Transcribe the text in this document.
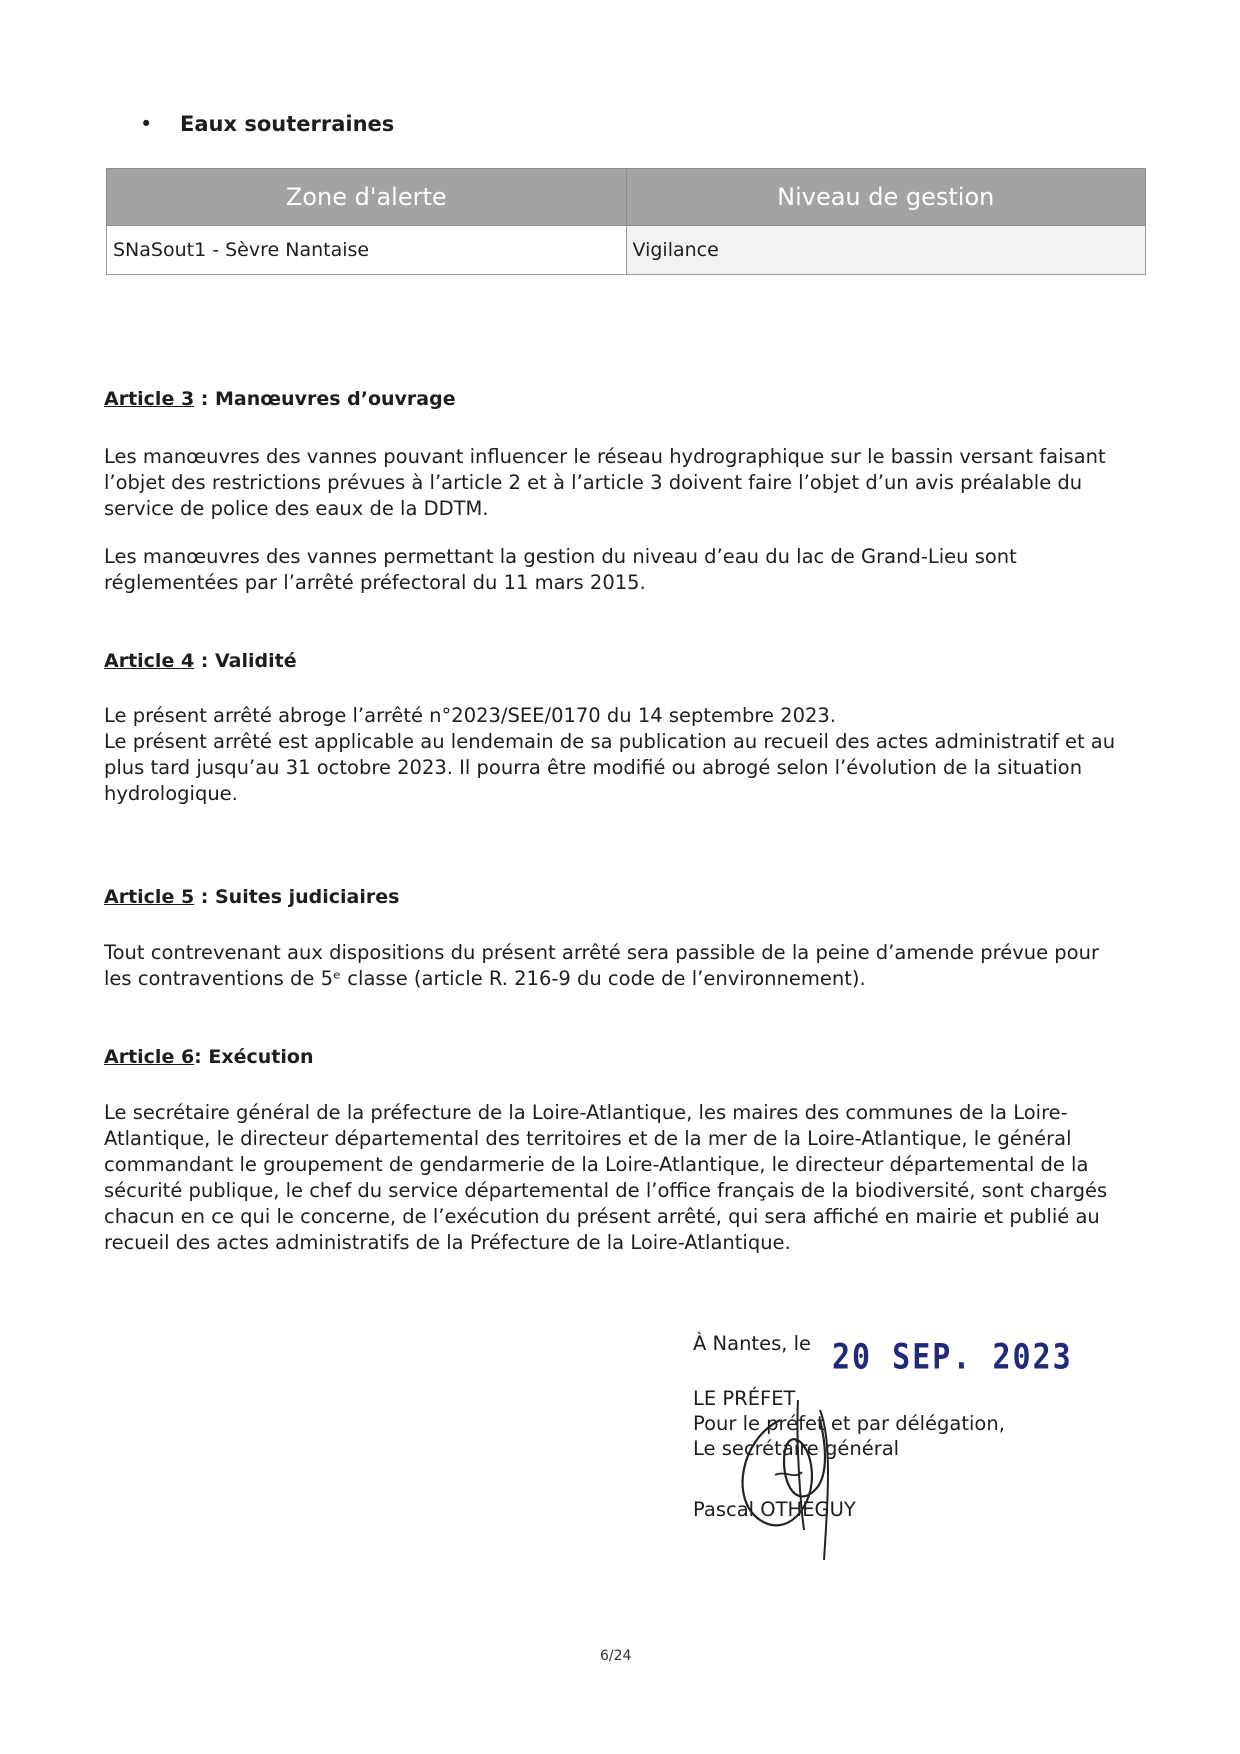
• Eaux souterraines
Zone d'alerte	Niveau de gestion
SNaSout1 - Sèvre Nantaise	Vigilance
Article 3 : Manœuvres d’ouvrage

Les manœuvres des vannes pouvant influencer le réseau hydrographique sur le bassin versant faisant
l’objet des restrictions prévues à l’article 2 et à l’article 3 doivent faire l’objet d’un avis préalable du
service de police des eaux de la DDTM.

Les manœuvres des vannes permettant la gestion du niveau d’eau du lac de Grand-Lieu sont
réglementées par l’arrêté préfectoral du 11 mars 2015.

Article 4 : Validité

Le présent arrêté abroge l’arrêté n°2023/SEE/0170 du 14 septembre 2023.
Le présent arrêté est applicable au lendemain de sa publication au recueil des actes administratif et au
plus tard jusqu’au 31 octobre 2023. Il pourra être modifié ou abrogé selon l’évolution de la situation
hydrologique.

Article 5 : Suites judiciaires

Tout contrevenant aux dispositions du présent arrêté sera passible de la peine d’amende prévue pour
les contraventions de 5ᵉ classe (article R. 216-9 du code de l’environnement).

Article 6: Exécution

Le secrétaire général de la préfecture de la Loire-Atlantique, les maires des communes de la Loire-
Atlantique, le directeur départemental des territoires et de la mer de la Loire-Atlantique, le général
commandant le groupement de gendarmerie de la Loire-Atlantique, le directeur départemental de la
sécurité publique, le chef du service départemental de l’office français de la biodiversité, sont chargés
chacun en ce qui le concerne, de l’exécution du présent arrêté, qui sera affiché en mairie et publié au
recueil des actes administratifs de la Préfecture de la Loire-Atlantique.

À Nantes, le 20 SEP. 2023
LE PRÉFET
Pour le préfet et par délégation,
Le secrétaire général
Pascal OTHEGUY
6/24
